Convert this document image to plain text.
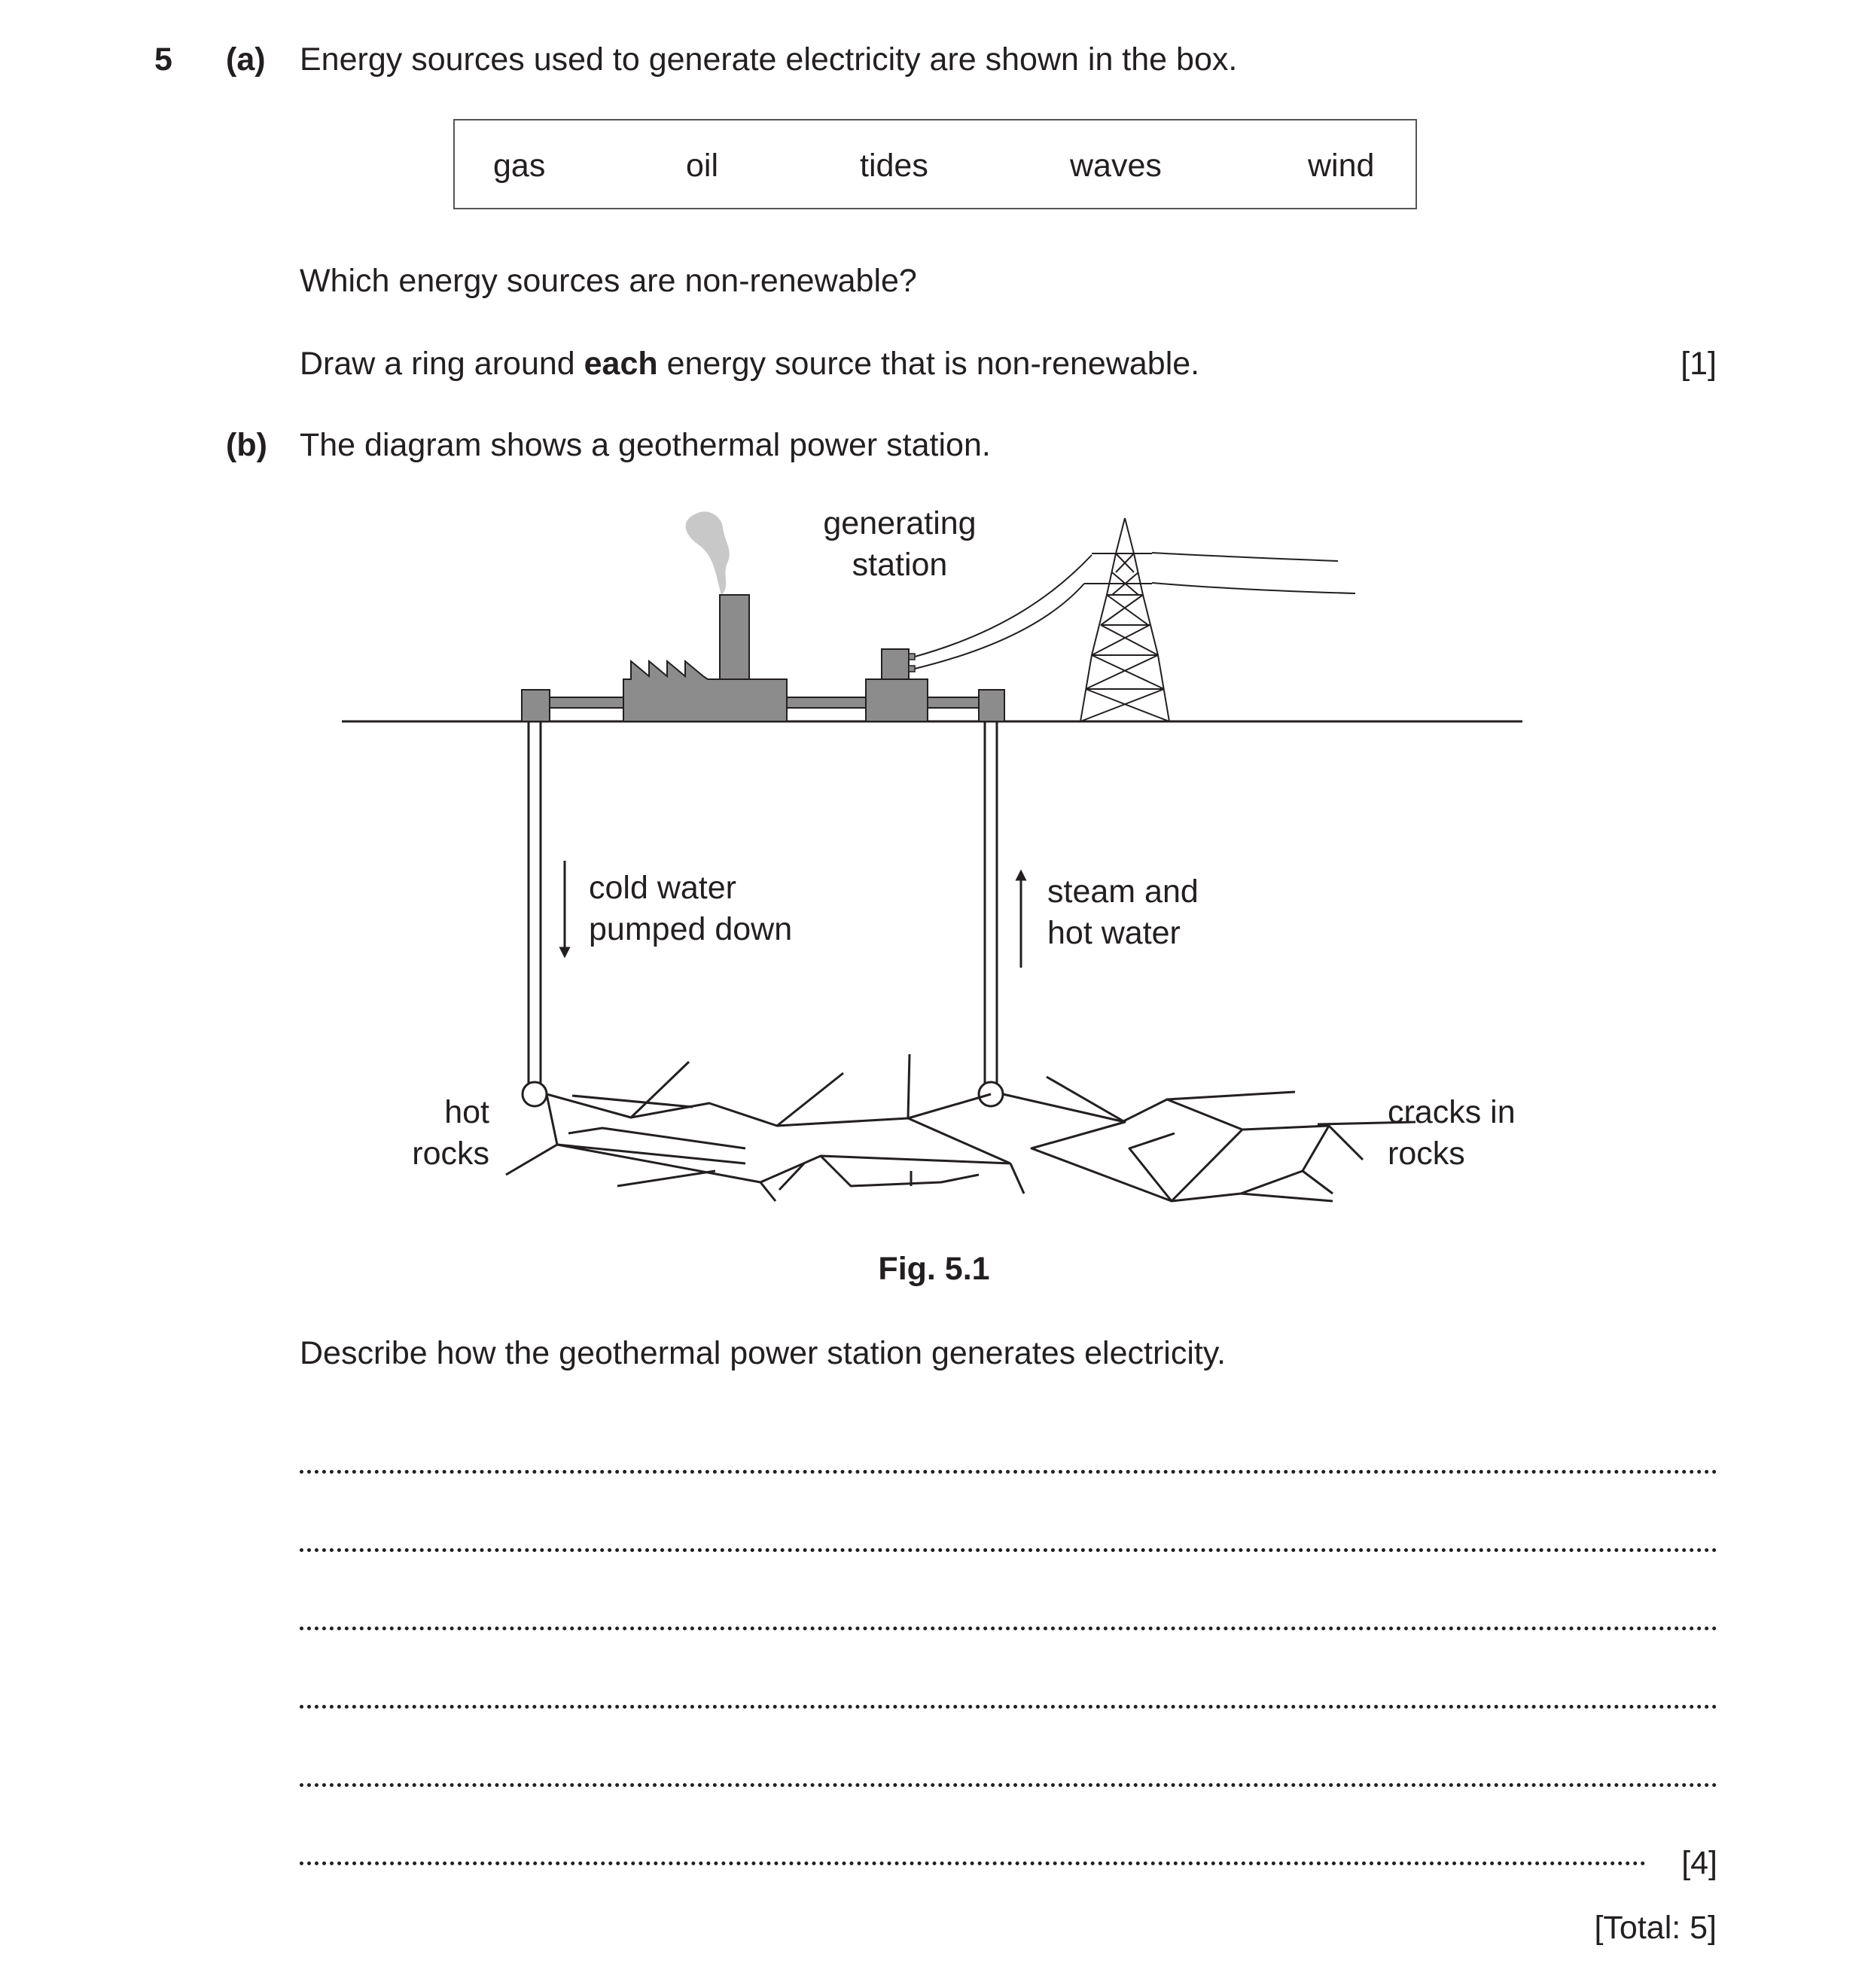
5 (a) Energy sources used to generate electricity are shown in the box.
gas	oil	tides	waves	wind
Which energy sources are non-renewable?
Draw a ring around each energy source that is non-renewable.	[1]
(b) The diagram shows a geothermal power station.
generating
station
cold water
pumped down
steam and
hot water
hot
rocks
cracks in
rocks
Fig. 5.1
Describe how the geothermal power station generates electricity.
[4]
[Total: 5]
